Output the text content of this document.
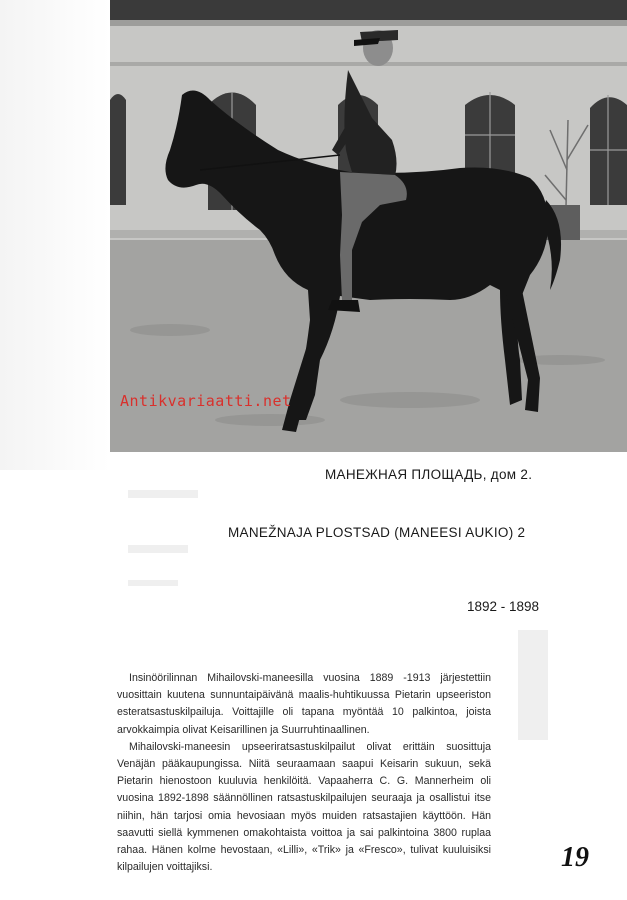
Antikvariaatti.net
МАНЕЖНАЯ ПЛОЩАДЬ, дом 2.
MANEŽNAJA PLOSTSAD (MANEESI AUKIO) 2
1892 - 1898

Insinöörilinnan Mihailovski-maneesilla vuosina 1889 -1913 järjestettiin vuosittain kuutena sunnuntaipäivänä maalis-huhtikuussa Pietarin upseeriston esteratsastuskilpailuja. Voittajille oli tapana myöntää 10 palkintoa, joista arvokkaimpia olivat Keisarillinen ja Suurruhtinaallinen.

Mihailovski-maneesin upseeriratsastuskilpailut olivat erittäin suosittuja Venäjän pääkaupungissa. Niitä seuraamaan saapui Keisarin sukuun, sekä Pietarin hienostoon kuuluvia henkilöitä. Vapaaherra C. G. Mannerheim oli vuosina 1892-1898 säännöllinen ratsastuskilpailujen seuraaja ja osallistui itse niihin, hän tarjosi omia hevosiaan myös muiden ratsastajien käyttöön. Hän saavutti siellä kymmenen omakohtaista voittoa ja sai palkintoina 3800 ruplaa rahaa. Hänen kolme hevostaan, «Lilli», «Trik» ja «Fresco», tulivat kuuluisiksi kilpailujen voittajiksi.	19
